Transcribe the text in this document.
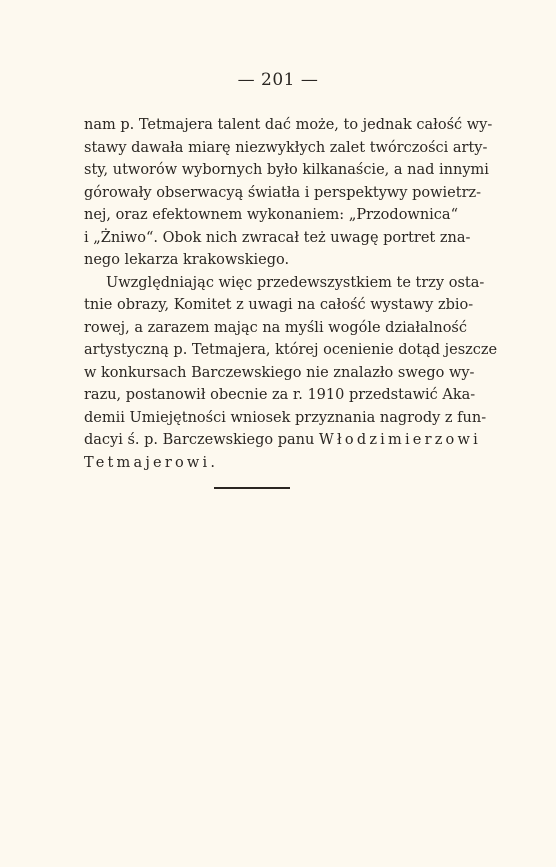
— 201 —
nam p. Tetmajera talent dać może, to jednak całość wy-
stawy dawała miarę niezwykłych zalet twórczości arty-
sty, utworów wybornych było kilkanaście, a nad innymi
górowały obserwacyą światła i perspektywy powietrz-
nej, oraz efektownem wykonaniem: „Przodownica“
i „Żniwo“. Obok nich zwracał też uwagę portret zna-
nego lekarza krakowskiego.
Uwzględniając więc przedewszystkiem te trzy osta-
tnie obrazy, Komitet z uwagi na całość wystawy zbio-
rowej, a zarazem mając na myśli wogóle działalność
artystyczną p. Tetmajera, której ocenienie dotąd jeszcze
w konkursach Barczewskiego nie znalazło swego wy-
razu, postanowił obecnie za r. 1910 przedstawić Aka-
demii Umiejętności wniosek przyznania nagrody z fun-
dacyi ś. p. Barczewskiego panu Włodzimierzowi
Tetmajerowi.
